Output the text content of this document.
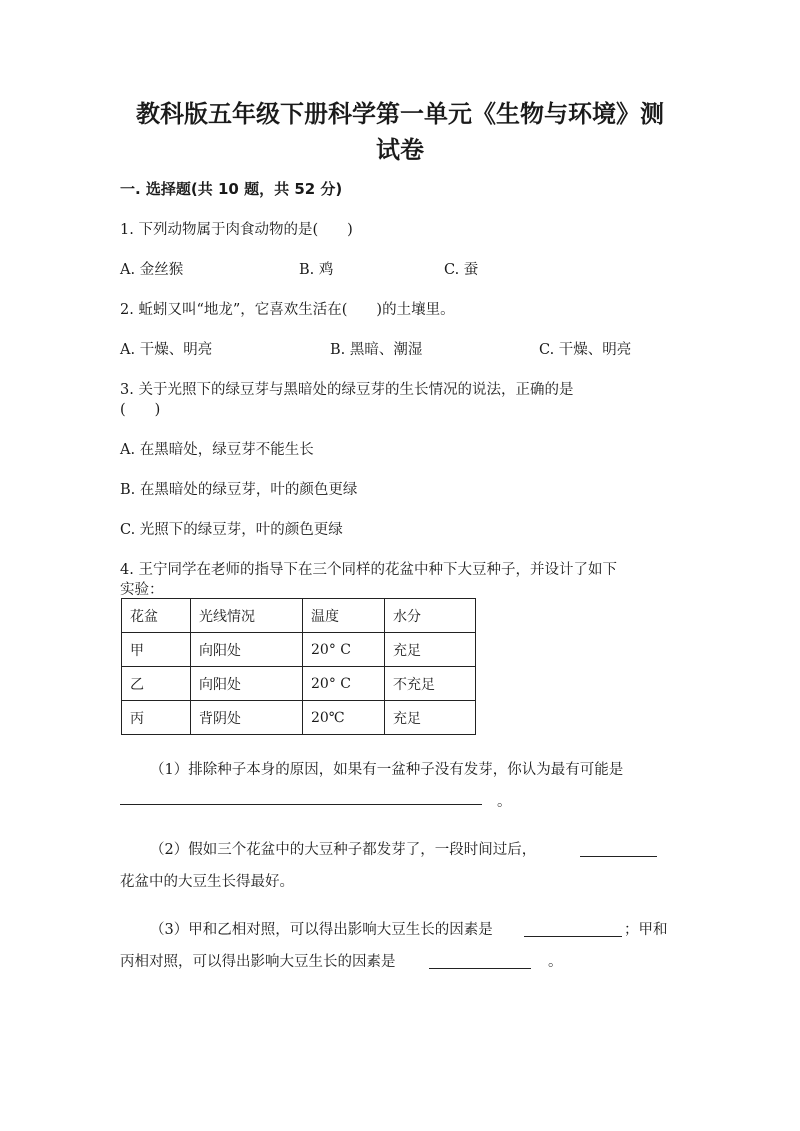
教科版五年级下册科学第一单元《生物与环境》测
试卷
一. 选择题(共 10 题，共 52 分)
1. 下列动物属于肉食动物的是(　　)
A. 金丝猴	B. 鸡	C. 蚕
2. 蚯蚓又叫“地龙”，它喜欢生活在(　　)的土壤里。
A. 干燥、明亮	B. 黑暗、潮湿	C. 干燥、明亮
3. 关于光照下的绿豆芽与黑暗处的绿豆芽的生长情况的说法，正确的是
(　　)
A. 在黑暗处，绿豆芽不能生长
B. 在黑暗处的绿豆芽，叶的颜色更绿
C. 光照下的绿豆芽，叶的颜色更绿
4. 王宁同学在老师的指导下在三个同样的花盆中种下大豆种子，并设计了如下
实验：
花盆	光线情况	温度	水分
甲	向阳处	20° C	充足
乙	向阳处	20° C	不充足
丙	背阴处	20℃	充足
（1）排除种子本身的原因，如果有一盆种子没有发芽，你认为最有可能是
。
（2）假如三个花盆中的大豆种子都发芽了，一段时间过后，
花盆中的大豆生长得最好。
（3）甲和乙相对照，可以得出影响大豆生长的因素是	；甲和
丙相对照，可以得出影响大豆生长的因素是	。
